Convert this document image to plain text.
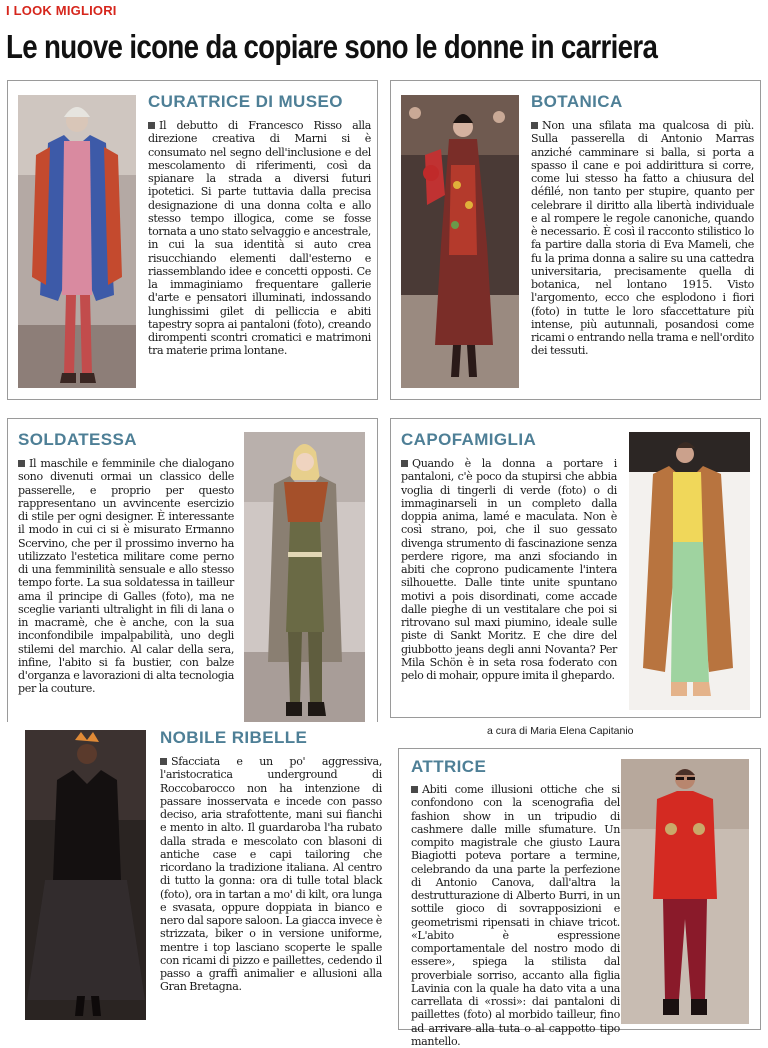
I LOOK MIGLIORI
Le nuove icone da copiare sono le donne in carriera
CURATRICE DI MUSEO
Il debutto di Francesco Risso alla direzione creativa di Marni si è consumato nel segno dell'inclusione e del mescolamento di riferimenti, così da spianare la strada a diversi futuri ipotetici. Si parte tuttavia dalla precisa designazione di una donna colta e allo stesso tempo illogica, come se fosse tornata a uno stato selvaggio e ancestrale, in cui la sua identità si auto crea risucchiando elementi dall'esterno e riassemblando idee e concetti opposti. Ce la immaginiamo frequentare gallerie d'arte e pensatori illuminati, indossando lunghissimi gilet di pelliccia e abiti tapestry sopra ai pantaloni (foto), creando dirompenti scontri cromatici e matrimoni tra materie prima lontane.
BOTANICA
Non una sfilata ma qualcosa di più. Sulla passerella di Antonio Marras anziché camminare si balla, si porta a spasso il cane e poi addirittura si corre, come lui stesso ha fatto a chiusura del défilé, non tanto per stupire, quanto per celebrare il diritto alla libertà individuale e al rompere le regole canoniche, quando è necessario. È così il racconto stilistico lo fa partire dalla storia di Eva Mameli, che fu la prima donna a salire su una cattedra universitaria, precisamente quella di botanica, nel lontano 1915. Visto l'argomento, ecco che esplodono i fiori (foto) in tutte le loro sfaccettature più intense, più autunnali, posandosi come ricami o entrando nella trama e nell'ordito dei tessuti.
SOLDATESSA
Il maschile e femminile che dialogano sono divenuti ormai un classico delle passerelle, e proprio per questo rappresentano un avvincente esercizio di stile per ogni designer. È interessante il modo in cui ci si è misurato Ermanno Scervino, che per il prossimo inverno ha utilizzato l'estetica militare come perno di una femminilità sensuale e allo stesso tempo forte. La sua soldatessa in tailleur ama il principe di Galles (foto), ma ne sceglie varianti ultralight in fili di lana o in macramè, che è anche, con la sua inconfondibile impalpabilità, uno degli stilemi del marchio. Al calar della sera, infine, l'abito si fa bustier, con balze d'organza e lavorazioni di alta tecnologia per la couture.
CAPOFAMIGLIA
Quando è la donna a portare i pantaloni, c'è poco da stupirsi che abbia voglia di tingerli di verde (foto) o di immaginarseli in un completo dalla doppia anima, lamé e maculata. Non è così strano, poi, che il suo gessato divenga strumento di fascinazione senza perdere rigore, ma anzi sfociando in abiti che coprono pudicamente l'intera silhouette. Dalle tinte unite spuntano motivi a pois disordinati, come accade dalle pieghe di un vestitalare che poi si ritrovano sul maxi piumino, ideale sulle piste di Sankt Moritz. E che dire del giubbotto jeans degli anni Novanta? Per Mila Schön è in seta rosa foderato con pelo di mohair, oppure imita il ghepardo.
a cura di Maria Elena Capitanio
NOBILE RIBELLE
Sfacciata e un po' aggressiva, l'aristocratica underground di Roccobarocco non ha intenzione di passare inosservata e incede con passo deciso, aria strafottente, mani sui fianchi e mento in alto. Il guardaroba l'ha rubato dalla strada e mescolato con blasoni di antiche case e capi tailoring che ricordano la tradizione italiana. Al centro di tutto la gonna: ora di tulle total black (foto), ora in tartan a mo' di kilt, ora lunga e svasata, oppure doppiata in bianco e nero dal sapore saloon. La giacca invece è strizzata, biker o in versione uniforme, mentre i top lasciano scoperte le spalle con ricami di pizzo e paillettes, cedendo il passo a graffi animalier e allusioni alla Gran Bretagna.
ATTRICE
Abiti come illusioni ottiche che si confondono con la scenografia del fashion show in un tripudio di cashmere dalle mille sfumature. Un compito magistrale che giusto Laura Biagiotti poteva portare a termine, celebrando da una parte la perfezione di Antonio Canova, dall'altra la destrutturazione di Alberto Burri, in un sottile gioco di sovrapposizioni e geometrismi ripensati in chiave tricot. «L'abito è espressione comportamentale del nostro modo di essere», spiega la stilista dal proverbiale sorriso, accanto alla figlia Lavinia con la quale ha dato vita a una carrellata di «rossi»: dai pantaloni di paillettes (foto) al morbido tailleur, fino ad arrivare alla tuta o al cappotto tipo mantello.
